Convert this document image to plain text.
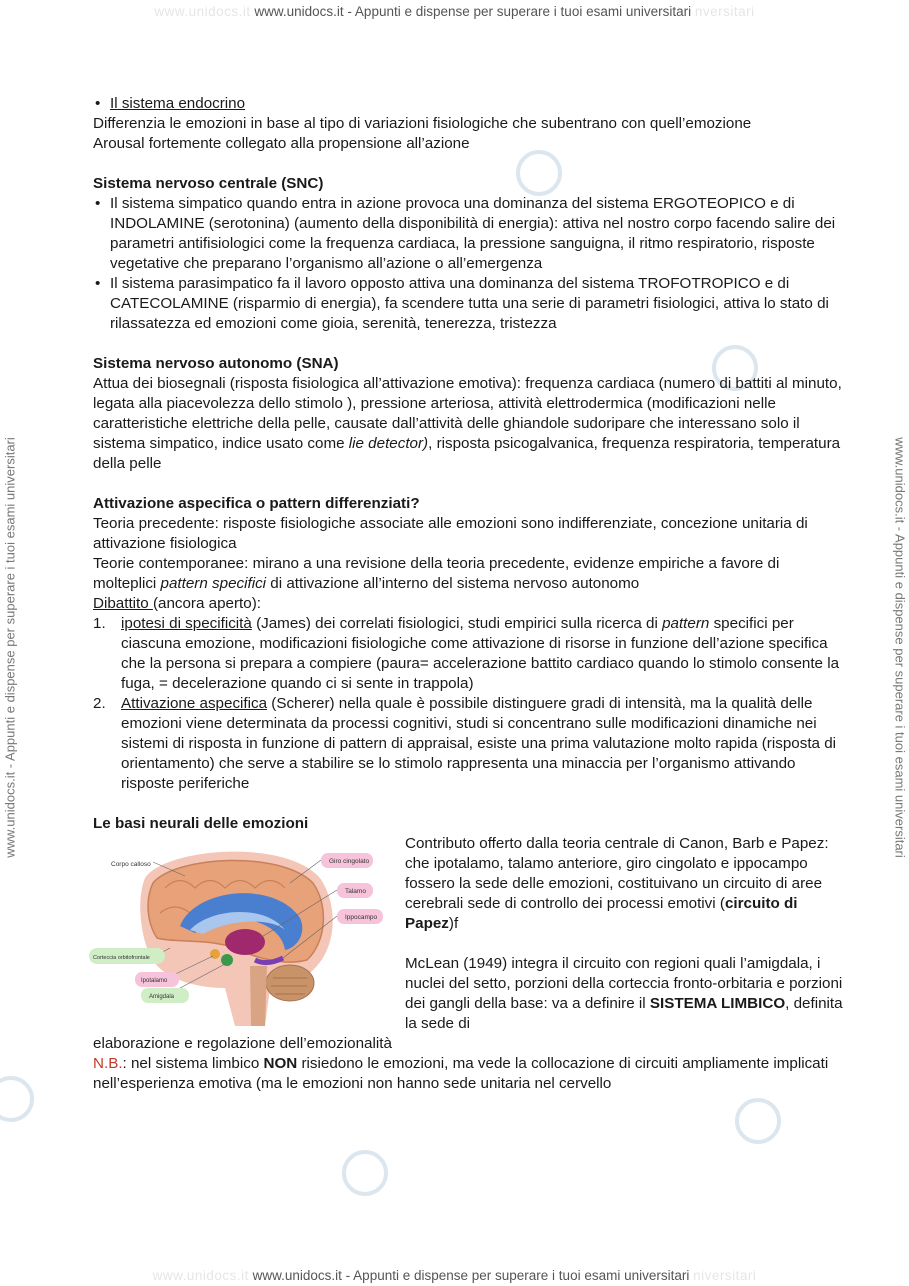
www.unidocs.it www.unidocs.it - Appunti e dispense per superare i tuoi esami universitari nversitari
www.unidocs.it - Appunti e dispense per superare i tuoi esami universitari	www.unidocs.it - Appunti e dispense per superare i tuoi esami universitari
• Il sistema endocrino

Differenzia le emozioni in base al tipo di variazioni fisiologiche che subentrano con quell’emozione

Arousal fortemente collegato alla propensione all’azione

Sistema nervoso centrale (SNC)
• Il sistema simpatico quando entra in azione provoca una dominanza del sistema ERGOTEOPICO e di INDOLAMINE (serotonina) (aumento della disponibilità di energia): attiva nel nostro corpo facendo salire dei parametri antifisiologici come la frequenza cardiaca, la pressione sanguigna, il ritmo respiratorio, risposte vegetative che preparano l’organismo all’azione o all’emergenza
• Il sistema parasimpatico fa il lavoro opposto attiva una dominanza del sistema TROFOTROPICO e di CATECOLAMINE (risparmio di energia), fa scendere tutta una serie di parametri fisiologici, attiva lo stato di rilassatezza ed emozioni come gioia, serenità, tenerezza, tristezza
Sistema nervoso autonomo (SNA)

Attua dei biosegnali (risposta fisiologica all’attivazione emotiva): frequenza cardiaca (numero di battiti al minuto, legata alla piacevolezza dello stimolo ), pressione arteriosa, attività elettrodermica (modificazioni nelle caratteristiche elettriche della pelle, causate dall’attività delle ghiandole sudoripare che interessano solo il sistema simpatico, indice usato come lie detector), risposta psicogalvanica, frequenza respiratoria, temperatura della pelle

Attivazione aspecifica o pattern differenziati?

Teoria precedente: risposte fisiologiche associate alle emozioni sono indifferenziate, concezione unitaria di attivazione fisiologica

Teorie contemporanee: mirano a una revisione della teoria precedente, evidenze empiriche a favore di molteplici pattern specifici di attivazione all’interno del sistema nervoso autonomo

Dibattito (ancora aperto):

1. ipotesi di specificità (James) dei correlati fisiologici, studi empirici sulla ricerca di pattern specifici per ciascuna emozione, modificazioni fisiologiche come attivazione di risorse in funzione dell’azione specifica che la persona si prepara a compiere (paura= accelerazione battito cardiaco quando lo stimolo consente la fuga, = decelerazione quando ci si sente in trappola)
2. Attivazione aspecifica (Scherer) nella quale è possibile distinguere gradi di intensità, ma la qualità delle emozioni viene determinata da processi cognitivi, studi si concentrano sulle modificazioni dinamiche nei sistemi di risposta in funzione di pattern di appraisal, esiste una prima valutazione molto rapida (risposta di orientamento) che serve a stabilire se lo stimolo rappresenta una minaccia per l’organismo attivando risposte periferiche
Le basi neurali delle emozioni
Corpo calloso	Giro cingolato
Talamo
Ippocampo
Corteccia orbitofrontale
Ipotalamo
Amigdala

Contributo offerto dalla teoria centrale di Canon, Barb e Papez: che ipotalamo, talamo anteriore, giro cingolato e ippocampo fossero la sede delle emozioni, costituivano un circuito di aree cerebrali sede di controllo dei processi emotivi (circuito di Papez)f

McLean (1949) integra il circuito con regioni quali l’amigdala, i nuclei del setto, porzioni della corteccia fronto-orbitaria e porzioni dei gangli della base: va a definire il SISTEMA LIMBICO, definita la sede di

elaborazione e regolazione dell’emozionalità

N.B.: nel sistema limbico NON risiedono le emozioni, ma vede la collocazione di circuiti ampliamente implicati nell’esperienza emotiva (ma le emozioni non hanno sede unitaria nel cervello

www.unidocs.it www.unidocs.it - Appunti e dispense per superare i tuoi esami universitari niversitari
